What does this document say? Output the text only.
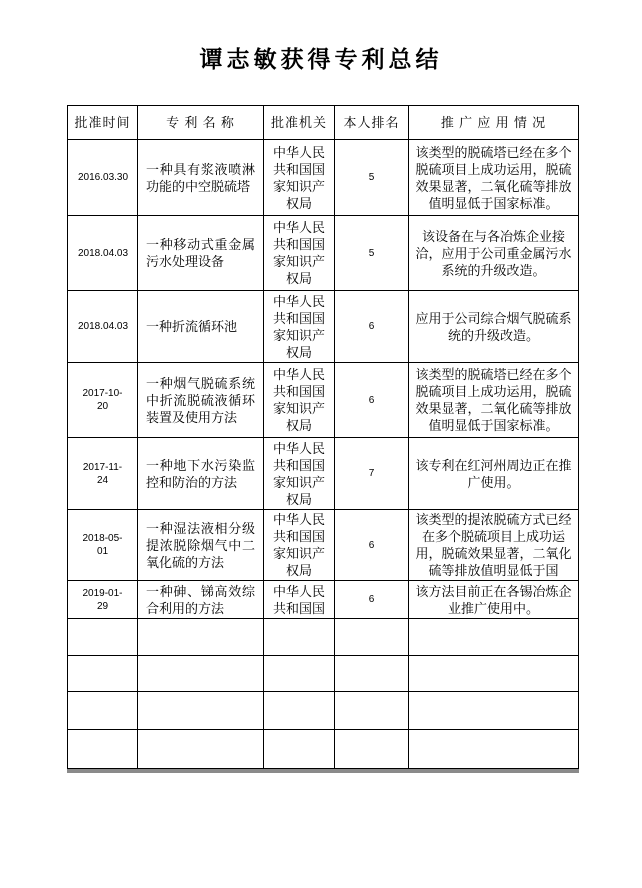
谭志敏获得专利总结
批准时间	专 利 名 称	批准机关	本人排名	推 广 应 用 情 况
2016.03.30	一种具有浆液喷淋功能的中空脱硫塔	中华人民共和国国家知识产权局	5	该类型的脱硫塔已经在多个脱硫项目上成功运用，脱硫效果显著，二氧化硫等排放值明显低于国家标准。
2018.04.03	一种移动式重金属污水处理设备	中华人民共和国国家知识产权局	5	该设备在与各冶炼企业接洽，应用于公司重金属污水系统的升级改造。
2018.04.03	一种折流循环池	中华人民共和国国家知识产权局	6	应用于公司综合烟气脱硫系统的升级改造。
2017-10-20	一种烟气脱硫系统中折流脱硫液循环装置及使用方法	中华人民共和国国家知识产权局	6	该类型的脱硫塔已经在多个脱硫项目上成功运用，脱硫效果显著，二氧化硫等排放值明显低于国家标准。
2017-11-24	一种地下水污染监控和防治的方法	中华人民共和国国家知识产权局	7	该专利在红河州周边正在推广使用。
2018-05-01	一种湿法液相分级提浓脱除烟气中二氧化硫的方法	中华人民共和国国家知识产权局	6	该类型的提浓脱硫方式已经在多个脱硫项目上成功运用，脱硫效果显著，二氧化硫等排放值明显低于国
2019-01-29	一种砷、锑高效综合利用的方法	中华人民共和国国	6	该方法目前正在各锡冶炼企业推广使用中。
